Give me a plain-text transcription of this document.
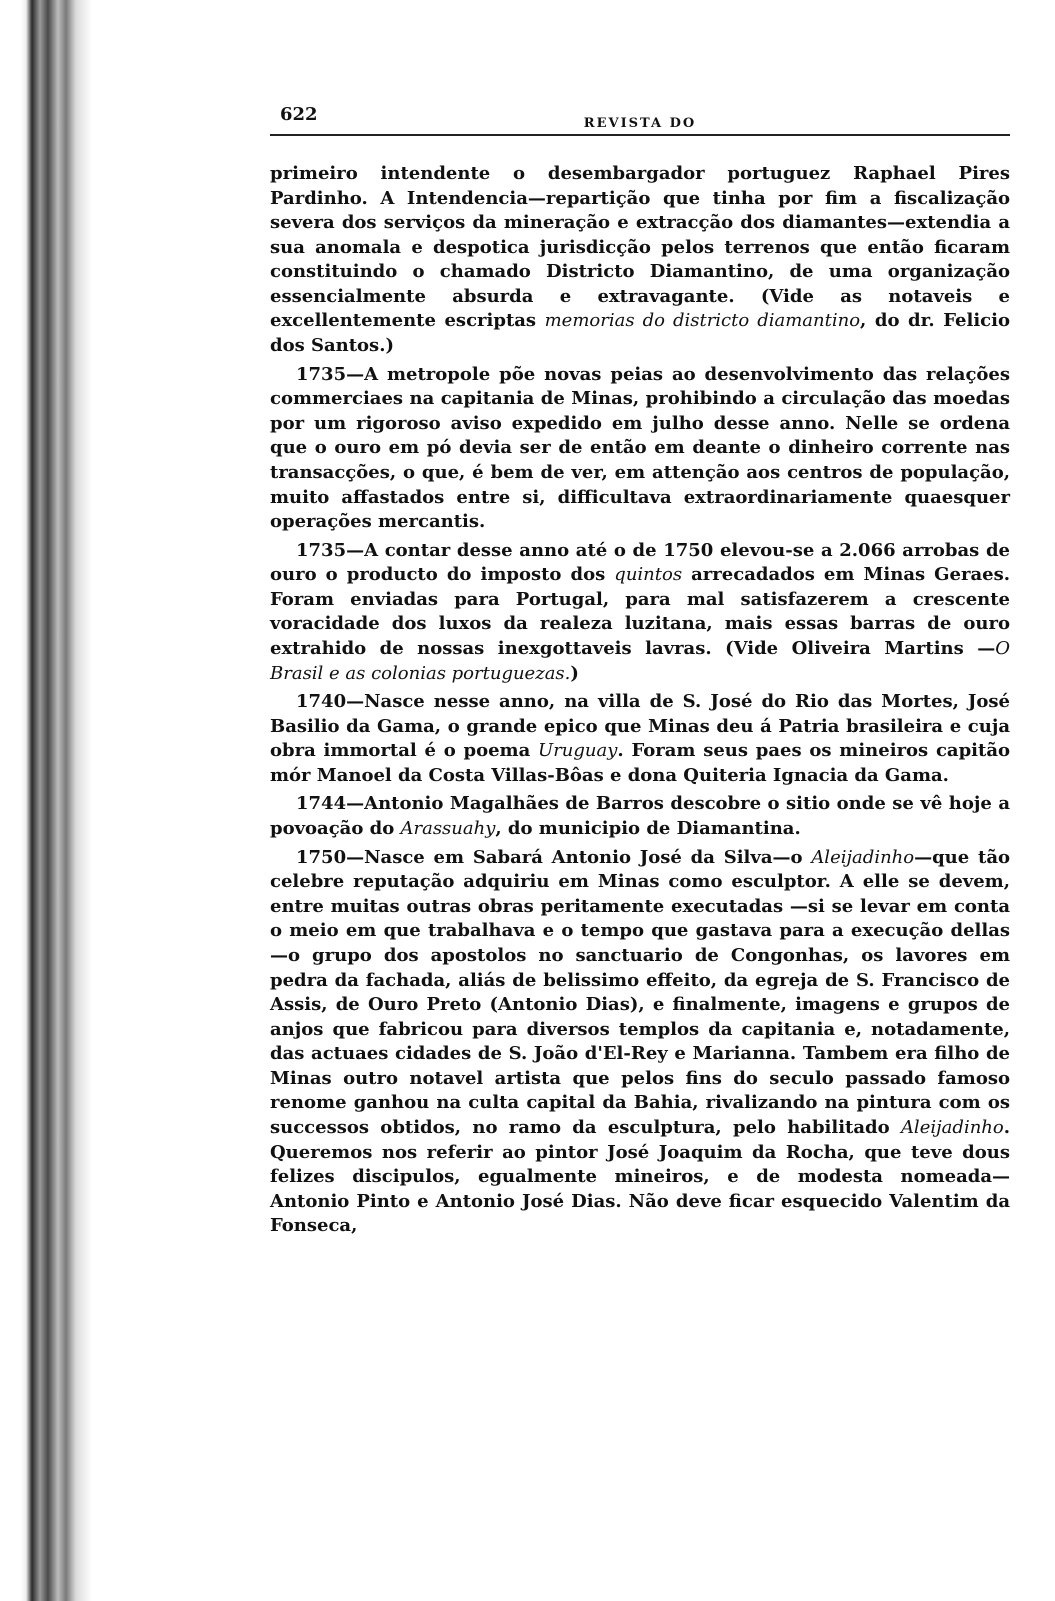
622	REVISTA DO

primeiro intendente o desembargador portuguez Raphael Pires Pardinho. A Intendencia—repartição que tinha por fim a fiscalização severa dos serviços da mineração e extracção dos diamantes—extendia a sua anomala e despotica jurisdicção pelos terrenos que então ficaram constituindo o chamado Districto Diamantino, de uma organização essencialmente absurda e extravagante. (Vide as notaveis e excellentemente escriptas memorias do districto diamantino, do dr. Felicio dos Santos.)

1735—A metropole põe novas peias ao desenvolvimento das relações commerciaes na capitania de Minas, prohibindo a circulação das moedas por um rigoroso aviso expedido em julho desse anno. Nelle se ordena que o ouro em pó devia ser de então em deante o dinheiro corrente nas transacções, o que, é bem de ver, em attenção aos centros de população, muito affastados entre si, difficultava extraordinariamente quaesquer operações mercantis.

1735—A contar desse anno até o de 1750 elevou-se a 2.066 arrobas de ouro o producto do imposto dos quintos arrecadados em Minas Geraes. Foram enviadas para Portugal, para mal satisfazerem a crescente voracidade dos luxos da realeza luzitana, mais essas barras de ouro extrahido de nossas inexgottaveis lavras. (Vide Oliveira Martins —O Brasil e as colonias portuguezas.)

1740—Nasce nesse anno, na villa de S. José do Rio das Mortes, José Basilio da Gama, o grande epico que Minas deu á Patria brasileira e cuja obra immortal é o poema Uruguay. Foram seus paes os mineiros capitão mór Manoel da Costa Villas-Bôas e dona Quiteria Ignacia da Gama.

1744—Antonio Magalhães de Barros descobre o sitio onde se vê hoje a povoação do Arassuahy, do municipio de Diamantina.

1750—Nasce em Sabará Antonio José da Silva—o Aleijadinho—que tão celebre reputação adquiriu em Minas como esculptor. A elle se devem, entre muitas outras obras peritamente executadas —si se levar em conta o meio em que trabalhava e o tempo que gastava para a execução dellas—o grupo dos apostolos no sanctuario de Congonhas, os lavores em pedra da fachada, aliás de belissimo effeito, da egreja de S. Francisco de Assis, de Ouro Preto (Antonio Dias), e finalmente, imagens e grupos de anjos que fabricou para diversos templos da capitania e, notadamente, das actuaes cidades de S. João d'El-Rey e Marianna. Tambem era filho de Minas outro notavel artista que pelos fins do seculo passado famoso renome ganhou na culta capital da Bahia, rivalizando na pintura com os successos obtidos, no ramo da esculptura, pelo habilitado Aleijadinho. Queremos nos referir ao pintor José Joaquim da Rocha, que teve dous felizes discipulos, egualmente mineiros, e de modesta nomeada—Antonio Pinto e Antonio José Dias. Não deve ficar esquecido Valentim da Fonseca,
